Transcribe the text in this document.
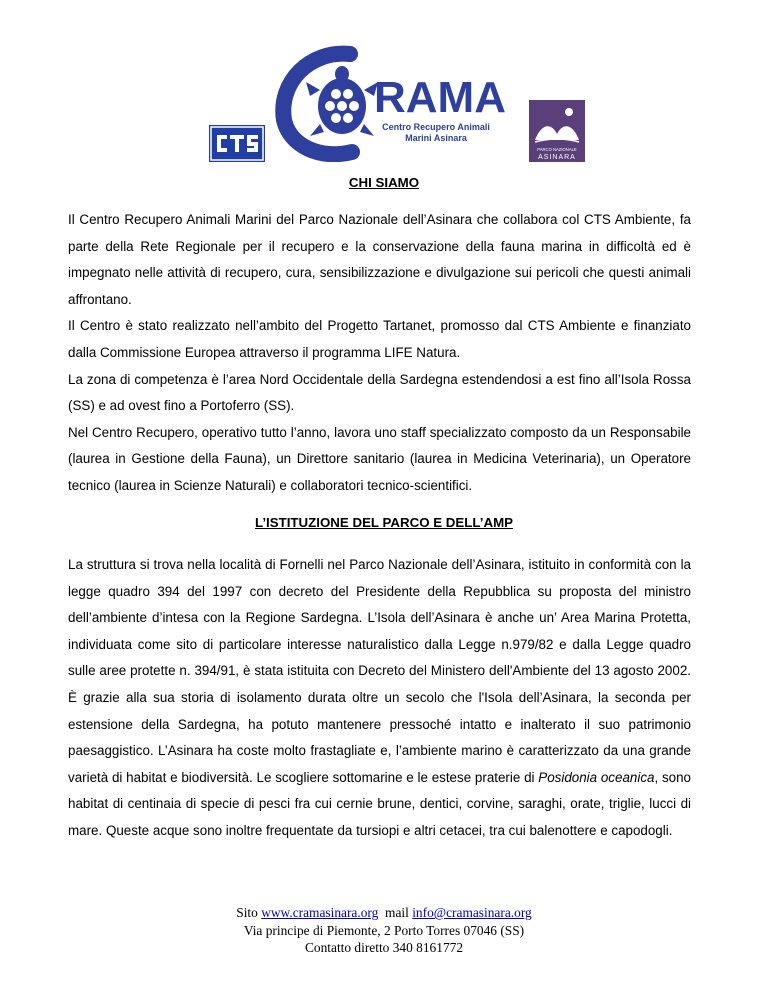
RAMA
Centro Recupero Animali
Marini Asinara
PARCO NAZIONALE
ASINARA
CHI SIAMO

Il Centro Recupero Animali Marini del Parco Nazionale dell’Asinara che collabora col CTS Ambiente, fa parte della Rete Regionale per il recupero e la conservazione della fauna marina in difficoltà ed è impegnato nelle attività di recupero, cura, sensibilizzazione e divulgazione sui pericoli che questi animali affrontano.

Il Centro è stato realizzato nell’ambito del Progetto Tartanet, promosso dal CTS Ambiente e finanziato dalla Commissione Europea attraverso il programma LIFE Natura.

La zona di competenza è l’area Nord Occidentale della Sardegna estendendosi a est fino all’Isola Rossa (SS) e ad ovest fino a Portoferro (SS).

Nel Centro Recupero, operativo tutto l’anno, lavora uno staff specializzato composto da un Responsabile (laurea in Gestione della Fauna), un Direttore sanitario (laurea in Medicina Veterinaria), un Operatore tecnico (laurea in Scienze Naturali) e collaboratori tecnico-scientifici.

L’ISTITUZIONE DEL PARCO E DELL’AMP

La struttura si trova nella località di Fornelli nel Parco Nazionale dell’Asinara, istituito in conformità con la legge quadro 394 del 1997 con decreto del Presidente della Repubblica su proposta del ministro dell’ambiente d’intesa con la Regione Sardegna. L’Isola dell’Asinara è anche un’ Area Marina Protetta, individuata come sito di particolare interesse naturalistico dalla Legge n.979/82 e dalla Legge quadro sulle aree protette n. 394/91, è stata istituita con Decreto del Ministero dell'Ambiente del 13 agosto 2002. È grazie alla sua storia di isolamento durata oltre un secolo che l'Isola dell’Asinara, la seconda per estensione della Sardegna, ha potuto mantenere pressoché intatto e inalterato il suo patrimonio paesaggistico. L’Asinara ha coste molto frastagliate e, l’ambiente marino è caratterizzato da una grande varietà di habitat e biodiversità. Le scogliere sottomarine e le estese praterie di Posidonia oceanica, sono habitat di centinaia di specie di pesci fra cui cernie brune, dentici, corvine, saraghi, orate, triglie, lucci di mare. Queste acque sono inoltre frequentate da tursiopi e altri cetacei, tra cui balenottere e capodogli.

Sito www.cramasinara.org mail info@cramasinara.org
Via principe di Piemonte, 2 Porto Torres 07046 (SS)
Contatto diretto 340 8161772
